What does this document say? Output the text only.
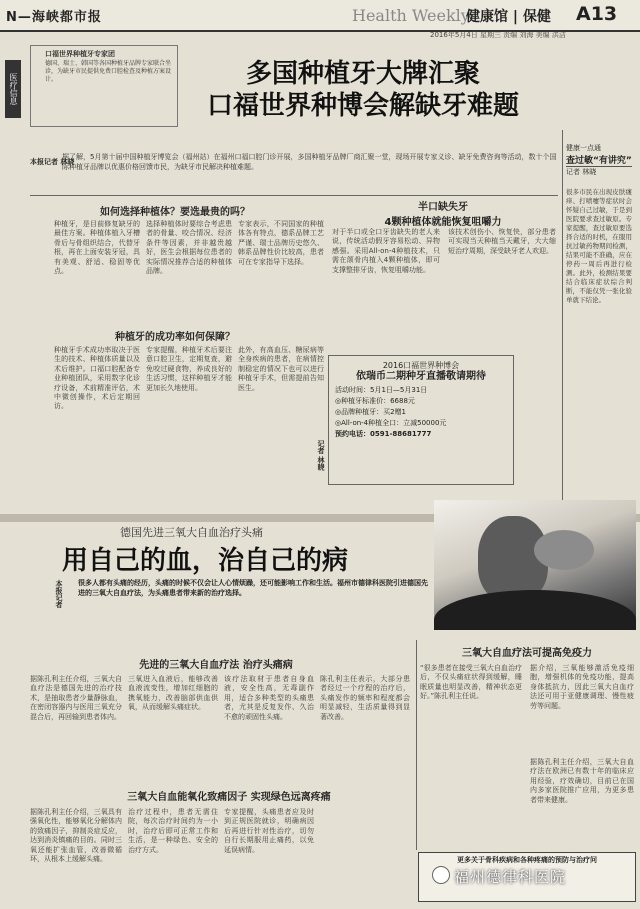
N—海峡都市报	Health Weekly
健康馆 | 保健 A13
2016年5月4日 星期三 责编 刘海 美编 洪洁
医疗信息
口福世界种植牙专家团
德国、瑞士、韩国等各国种植牙品牌专家联合坐诊，为缺牙市民提供免费口腔检查及种植方案设计。	多国种植牙大牌汇聚
口福世界种博会解缺牙难题
本报记者 林晓
据了解，5月第十届中国种植牙博览会（福州站）在福州口福口腔门诊开展，多国种植牙品牌厂商汇聚一堂，现场开展专家义诊、缺牙免费咨询等活动，数十个国际种植牙品牌以优惠价格回馈市民，为缺牙市民解决种植难题。
如何选择种植体？要选最贵的吗？
种植牙，是目前修复缺牙的最佳方案。种植体植入牙槽骨后与骨组织结合，代替牙根，再在上面安装牙冠，具有美观、舒适、稳固等优点。
选择种植体时要综合考虑患者的骨量、咬合情况、经济条件等因素，并非越贵越好，医生会根据每位患者的实际情况推荐合适的种植体品牌。
专家表示，不同国家的种植体各有特点，德系品牌工艺严谨、瑞士品牌历史悠久、韩系品牌性价比较高，患者可在专家指导下选择。
种植牙的成功率如何保障？
种植牙手术成功率取决于医生的技术、种植体质量以及术后维护。口福口腔配备专业种植团队，采用数字化诊疗设备，术前精准评估，术中微创操作，术后定期回访。
专家提醒，种植牙术后要注意口腔卫生，定期复查，避免咬过硬食物，养成良好的生活习惯，这样种植牙才能更加长久地使用。
此外，有高血压、糖尿病等全身疾病的患者，在病情控制稳定的情况下也可以进行种植牙手术，但需提前告知医生。
半口缺失牙
4颗种植体就能恢复咀嚼力
对于半口或全口牙齿缺失的老人来说，传统活动假牙容易松动、异物感强。采用All-on-4种植技术，只需在颌骨内植入4颗种植体，即可支撑整排牙齿，恢复咀嚼功能。
该技术创伤小、恢复快，部分患者可实现当天种植当天戴牙，大大缩短治疗周期，深受缺牙老人欢迎。
2016口福世界种博会
依瑞币二期种牙直播敬请期待
活动时间：5月1日—5月31日
◎种植牙标准价：6688元
◎品牌种植牙：买2赠1
◎All-on-4种植全口：立减50000元
预约电话：0591-88681777
记者 林晓
健康一点通
查过敏“有讲究”
记者 林晓
很多市民在出现皮肤瘙痒、打喷嚏等症状时会怀疑自己过敏，于是到医院要求查过敏原。专家提醒，查过敏原要选择合适的时机，在服用抗过敏药物期间检测，结果可能不准确，应在停药一周后再进行检测。此外，检测结果要结合临床症状综合判断，不能仅凭一张化验单就下结论。
德国先进三氧大自血治疗头痛
用自己的血，治自己的病
本报记者 很多人都有头痛的经历，头痛的时候不仅会让人心情烦躁，还可能影响工作和生活。福州市德律科医院引进德国先进的三氧大自血疗法，为头痛患者带来新的治疗选择。
先进的三氧大自血疗法 治疗头痛病
据陈孔利主任介绍，三氧大自血疗法是德国先进的治疗技术，是抽取患者少量静脉血，在密闭容器内与医用三氧充分混合后，再回输到患者体内。
三氧进入血液后，能够改善血液流变性，增加红细胞的携氧能力，改善脑部供血供氧，从而缓解头痛症状。
该疗法取材于患者自身血液，安全性高，无毒副作用，适合多种类型的头痛患者，尤其是反复发作、久治不愈的顽固性头痛。
陈孔利主任表示，大部分患者经过一个疗程的治疗后，头痛发作的频率和程度都会明显减轻，生活质量得到显著改善。
三氧大自血能氧化致痛因子 实现绿色远离疼痛
据陈孔利主任介绍，三氧具有强氧化性，能够氧化分解体内的致痛因子，抑制炎症反应，达到消炎镇痛的目的。同时三氧还能扩张血管，改善微循环，从根本上缓解头痛。
治疗过程中，患者无需住院，每次治疗时间约为一小时，治疗后即可正常工作和生活，是一种绿色、安全的治疗方式。
专家提醒，头痛患者应及时到正规医院就诊，明确病因后再进行针对性治疗，切勿自行长期服用止痛药，以免延误病情。
三氧大自血疗法可提高免疫力
“很多患者在接受三氧大自血治疗后，不仅头痛症状得到缓解，睡眠质量也明显改善，精神状态更好。”陈孔利主任说。
据介绍，三氧能够激活免疫细胞，增强机体的免疫功能，提高身体抵抗力，因此三氧大自血疗法还可用于亚健康调理、慢性疲劳等问题。
据陈孔利主任介绍，三氧大自血疗法在欧洲已有数十年的临床应用经验，疗效确切，目前已在国内多家医院推广应用，为更多患者带来健康。
更多关于骨科疾病和各种疼痛的预防与治疗问
福州德律科医院
